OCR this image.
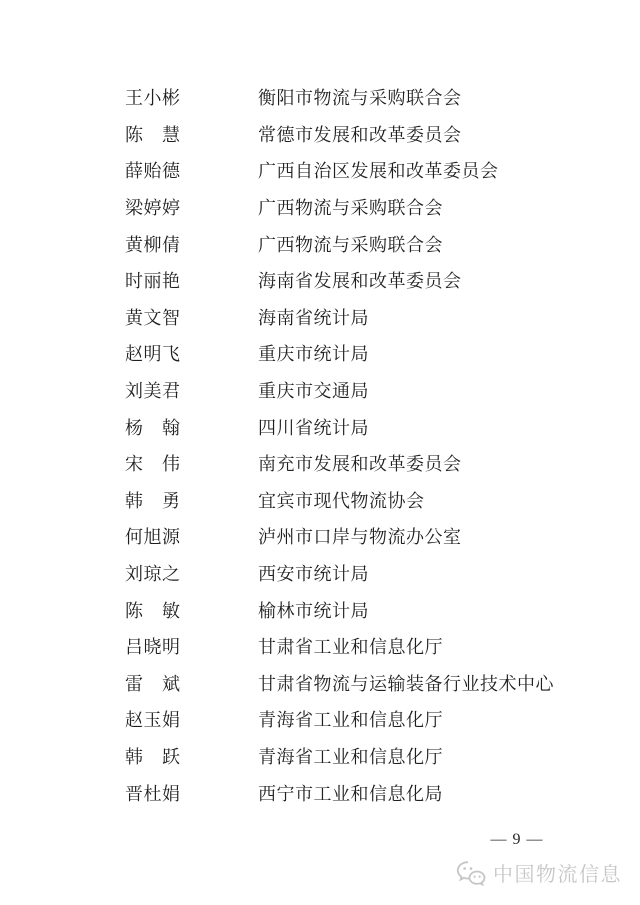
王小彬	衡阳市物流与采购联合会
陈　慧	常德市发展和改革委员会
薛贻德	广西自治区发展和改革委员会
梁婷婷	广西物流与采购联合会
黄柳倩	广西物流与采购联合会
时丽艳	海南省发展和改革委员会
黄文智	海南省统计局
赵明飞	重庆市统计局
刘美君	重庆市交通局
杨　翰	四川省统计局
宋　伟	南充市发展和改革委员会
韩　勇	宜宾市现代物流协会
何旭源	泸州市口岸与物流办公室
刘琼之	西安市统计局
陈　敏	榆林市统计局
吕晓明	甘肃省工业和信息化厅
雷　斌	甘肃省物流与运输装备行业技术中心
赵玉娟	青海省工业和信息化厅
韩　跃	青海省工业和信息化厅
晋杜娟	西宁市工业和信息化局
— 9 —
中国物流信息
